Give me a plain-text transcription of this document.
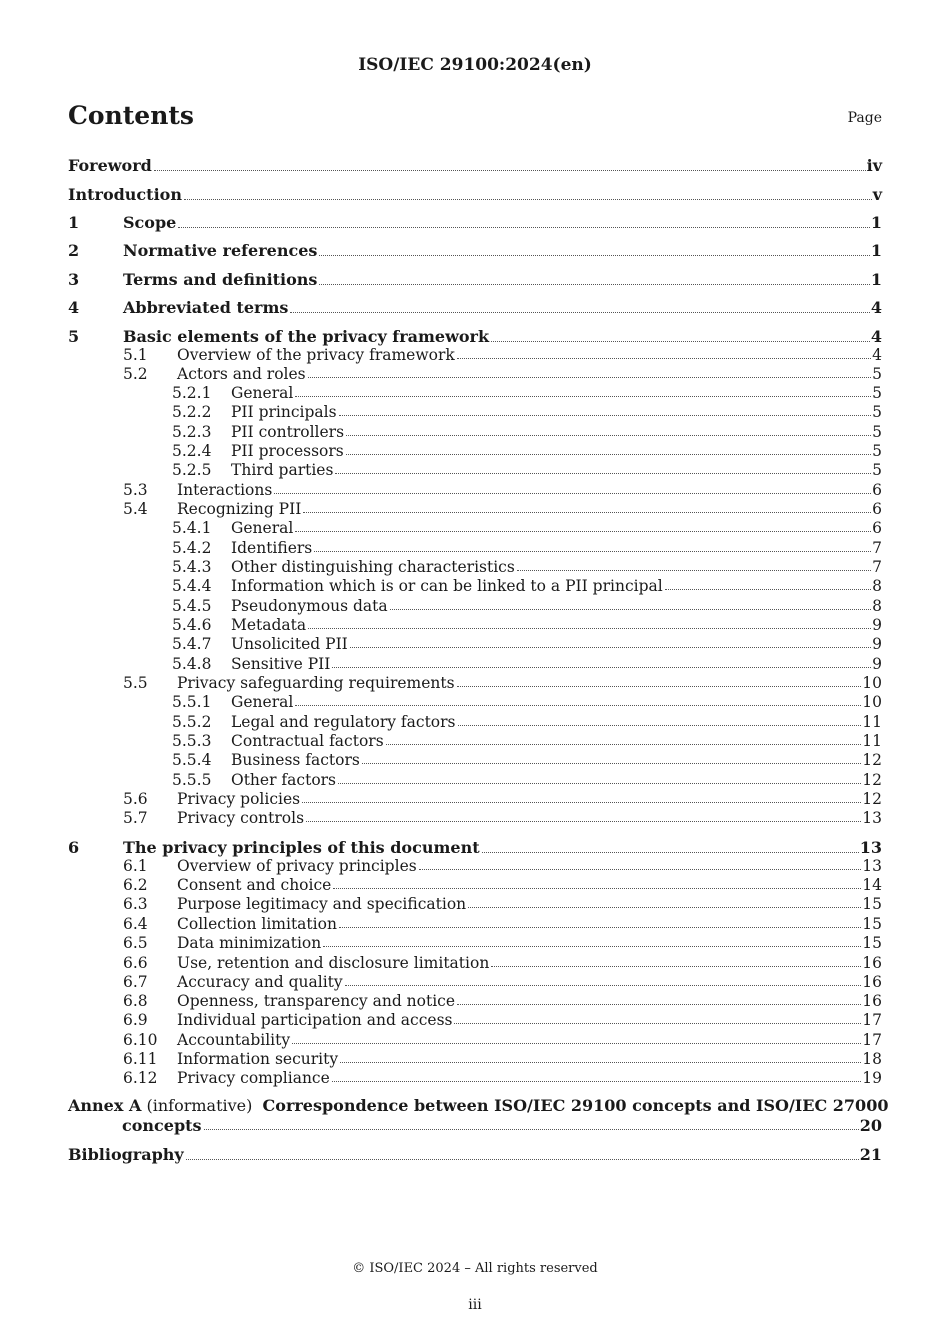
ISO/IEC 29100:2024(en)
Contents	Page
Foreword	iv
Introduction	v
1	Scope	1
2	Normative references	1
3	Terms and definitions	1
4	Abbreviated terms	4
5	Basic elements of the privacy framework	4
5.1 Overview of the privacy framework	4
5.2 Actors and roles	5
5.2.1 General	5
5.2.2 PII principals	5
5.2.3 PII controllers	5
5.2.4 PII processors	5
5.2.5 Third parties	5
5.3 Interactions	6
5.4 Recognizing PII	6
5.4.1 General	6
5.4.2 Identifiers	7
5.4.3 Other distinguishing characteristics	7
5.4.4 Information which is or can be linked to a PII principal	8
5.4.5 Pseudonymous data	8
5.4.6 Metadata	9
5.4.7 Unsolicited PII	9
5.4.8 Sensitive PII	9
5.5 Privacy safeguarding requirements	10
5.5.1 General	10
5.5.2 Legal and regulatory factors	11
5.5.3 Contractual factors	11
5.5.4 Business factors	12
5.5.5 Other factors	12
5.6 Privacy policies	12
5.7 Privacy controls	13
6	The privacy principles of this document	13
6.1 Overview of privacy principles	13
6.2 Consent and choice	14
6.3 Purpose legitimacy and specification	15
6.4 Collection limitation	15
6.5 Data minimization	15
6.6 Use, retention and disclosure limitation	16
6.7 Accuracy and quality	16
6.8 Openness, transparency and notice	16
6.9 Individual participation and access	17
6.10 Accountability	17
6.11 Information security	18
6.12 Privacy compliance	19
Annex A (informative) Correspondence between ISO/IEC 29100 concepts and ISO/IEC 27000
concepts	20
Bibliography	21
© ISO/IEC 2024 – All rights reserved
iii
